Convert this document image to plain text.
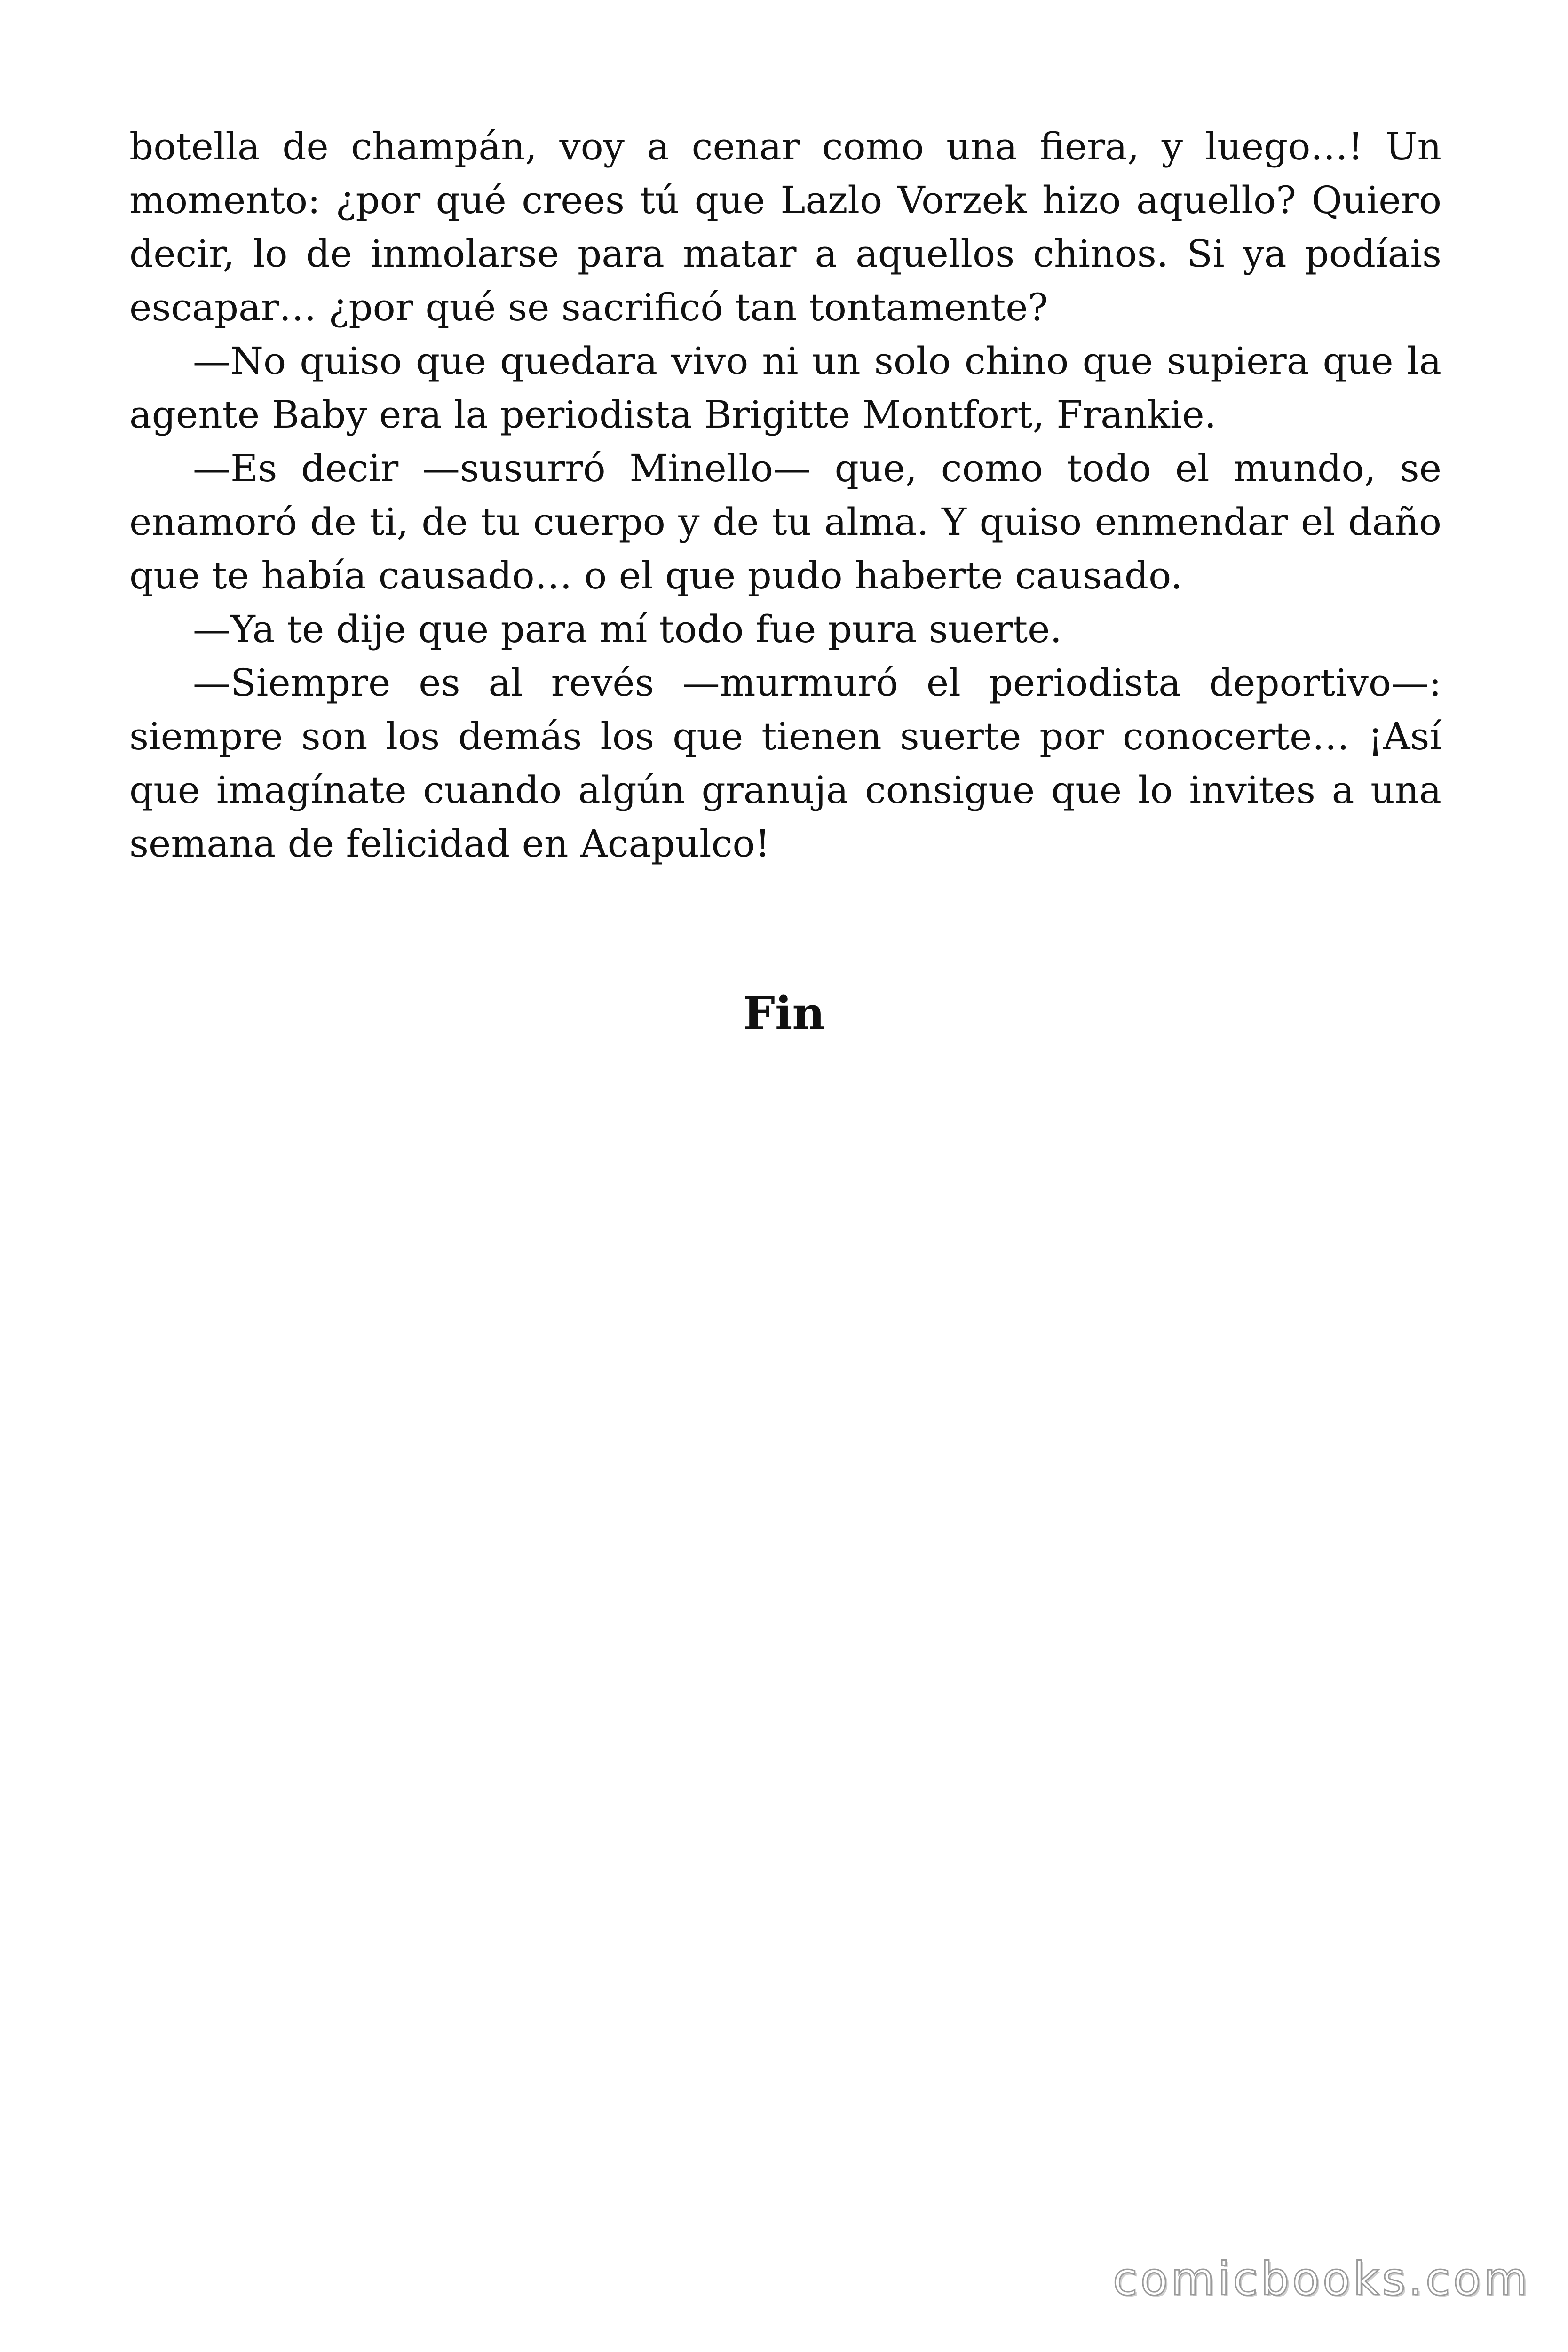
botella de champán, voy a cenar como una fiera, y luego…! Un momento: ¿por qué crees tú que Lazlo Vorzek hizo aquello? Quiero decir, lo de inmolarse para matar a aquellos chinos. Si ya podíais escapar… ¿por qué se sacrificó tan tontamente?

—No quiso que quedara vivo ni un solo chino que supiera que la agente Baby era la periodista Brigitte Montfort, Frankie.

—Es decir —susurró Minello— que, como todo el mundo, se enamoró de ti, de tu cuerpo y de tu alma. Y quiso enmendar el daño que te había causado… o el que pudo haberte causado.

—Ya te dije que para mí todo fue pura suerte.

—Siempre es al revés —murmuró el periodista deportivo—: siempre son los demás los que tienen suerte por conocerte… ¡Así que imagínate cuando algún granuja consigue que lo invites a una semana de felicidad en Acapulco!

Fin
comicbooks.com
